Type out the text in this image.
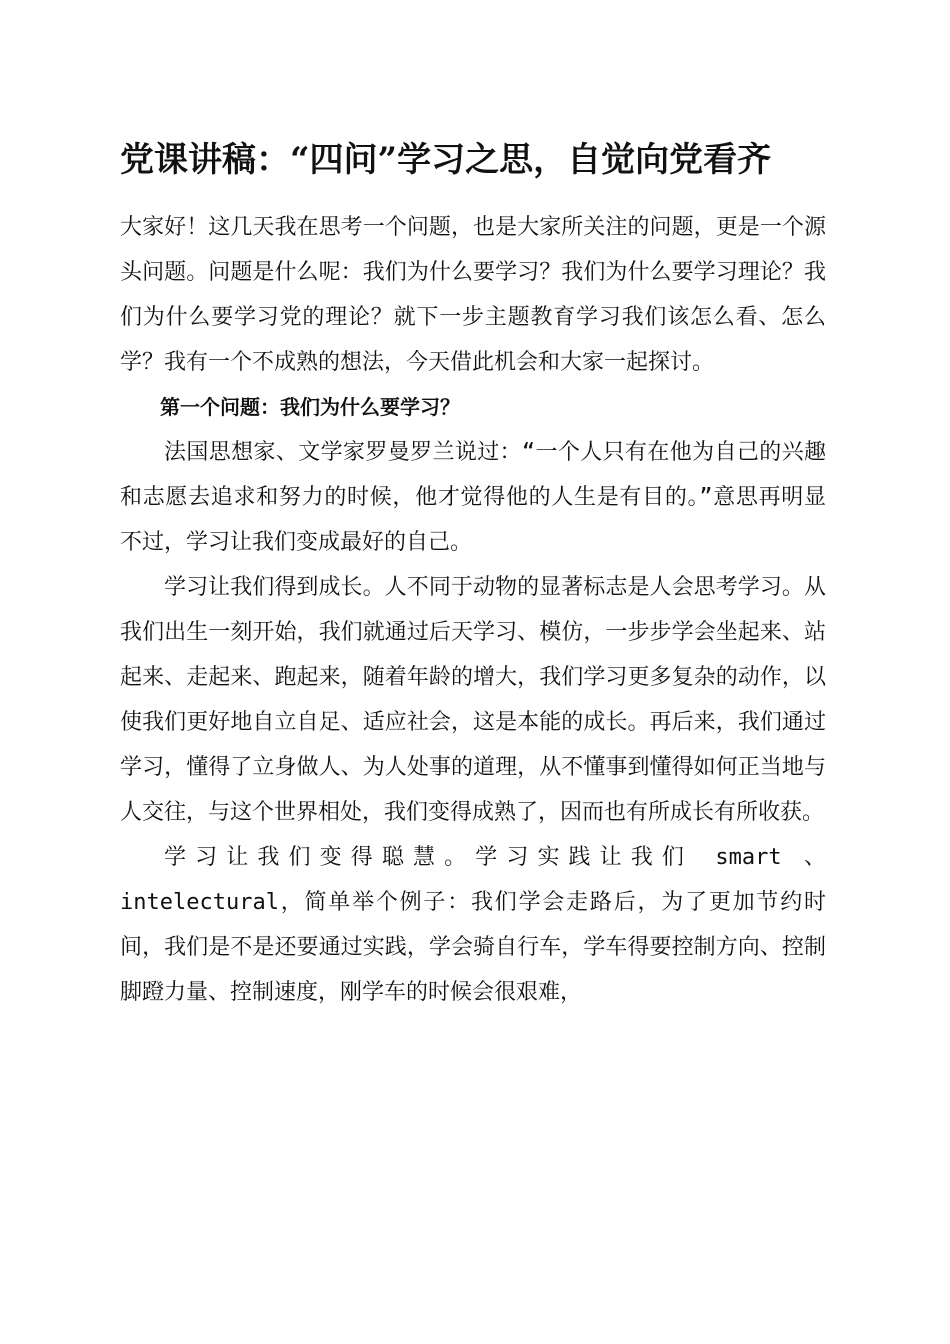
党课讲稿：“四问”学习之思，自觉向党看齐

大家好！这几天我在思考一个问题，也是大家所关注的问题，更是一个源头问题。问题是什么呢：我们为什么要学习？我们为什么要学习理论？我们为什么要学习党的理论？就下一步主题教育学习我们该怎么看、怎么学？我有一个不成熟的想法，今天借此机会和大家一起探讨。

第一个问题：我们为什么要学习？

法国思想家、文学家罗曼罗兰说过：“一个人只有在他为自己的兴趣和志愿去追求和努力的时候，他才觉得他的人生是有目的。”意思再明显不过，学习让我们变成最好的自己。

学习让我们得到成长。人不同于动物的显著标志是人会思考学习。从我们出生一刻开始，我们就通过后天学习、模仿，一步步学会坐起来、站起来、走起来、跑起来，随着年龄的增大，我们学习更多复杂的动作，以使我们更好地自立自足、适应社会，这是本能的成长。再后来，我们通过学习，懂得了立身做人、为人处事的道理，从不懂事到懂得如何正当地与人交往，与这个世界相处，我们变得成熟了，因而也有所成长有所收获。

学习让我们变得聪慧。学习实践让我们 smart 、intelectural，简单举个例子：我们学会走路后，为了更加节约时间，我们是不是还要通过实践，学会骑自行车，学车得要控制方向、控制脚蹬力量、控制速度，刚学车的时候会很艰难，
